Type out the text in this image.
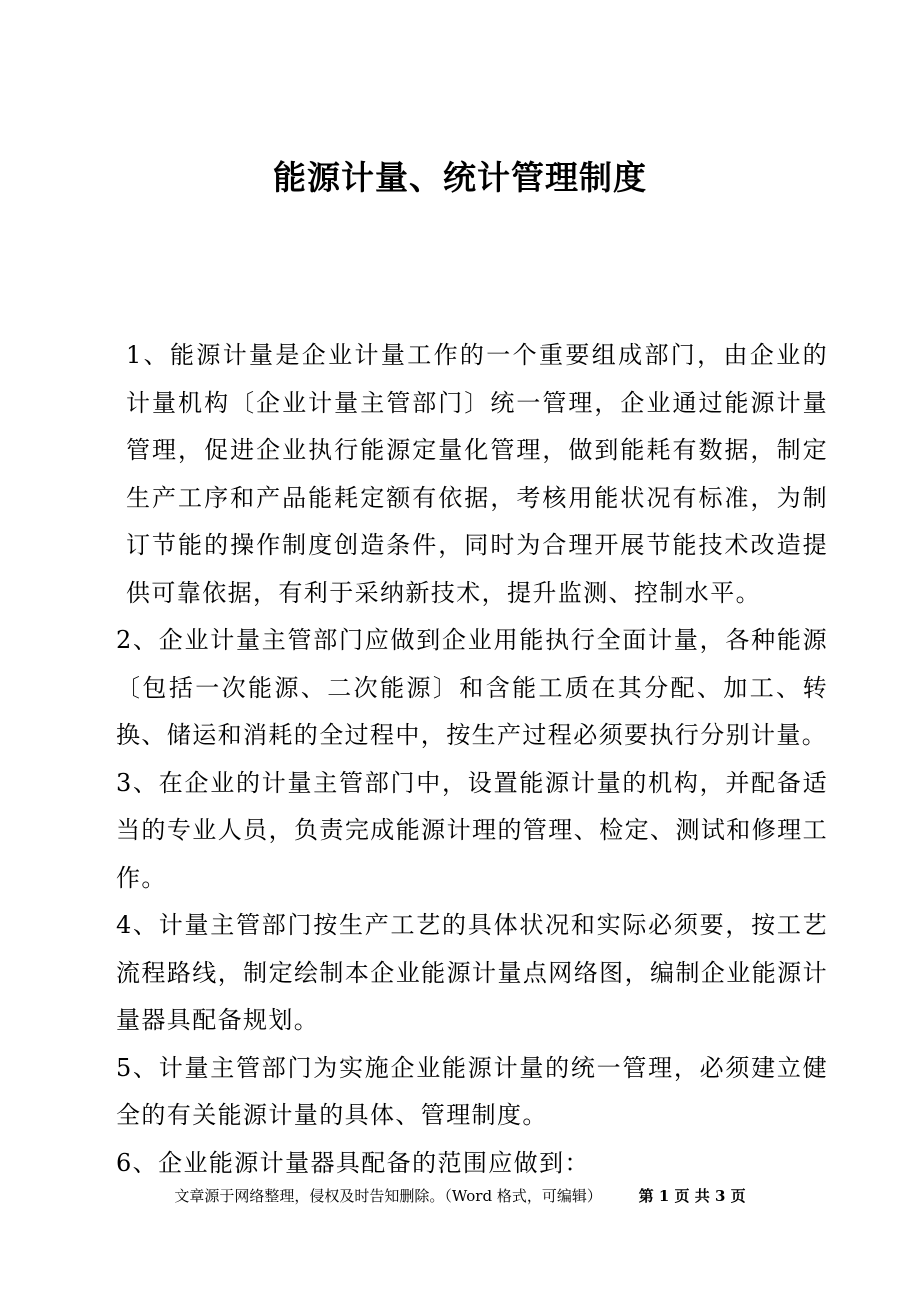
能源计量、统计管理制度

1、能源计量是企业计量工作的一个重要组成部门，由企业的计量机构〔企业计量主管部门〕统一管理，企业通过能源计量管理，促进企业执行能源定量化管理，做到能耗有数据，制定生产工序和产品能耗定额有依据，考核用能状况有标准，为制订节能的操作制度创造条件，同时为合理开展节能技术改造提供可靠依据，有利于采纳新技术，提升监测、控制水平。

2、企业计量主管部门应做到企业用能执行全面计量，各种能源〔包括一次能源、二次能源〕和含能工质在其分配、加工、转换、储运和消耗的全过程中，按生产过程必须要执行分别计量。

3、在企业的计量主管部门中，设置能源计量的机构，并配备适当的专业人员，负责完成能源计理的管理、检定、测试和修理工作。

4、计量主管部门按生产工艺的具体状况和实际必须要，按工艺流程路线，制定绘制本企业能源计量点网络图，编制企业能源计量器具配备规划。

5、计量主管部门为实施企业能源计量的统一管理，必须建立健全的有关能源计量的具体、管理制度。

6、企业能源计量器具配备的范围应做到：

文章源于网络整理，侵权及时告知删除。（Word 格式，可编辑） 第 1 页 共 3 页
